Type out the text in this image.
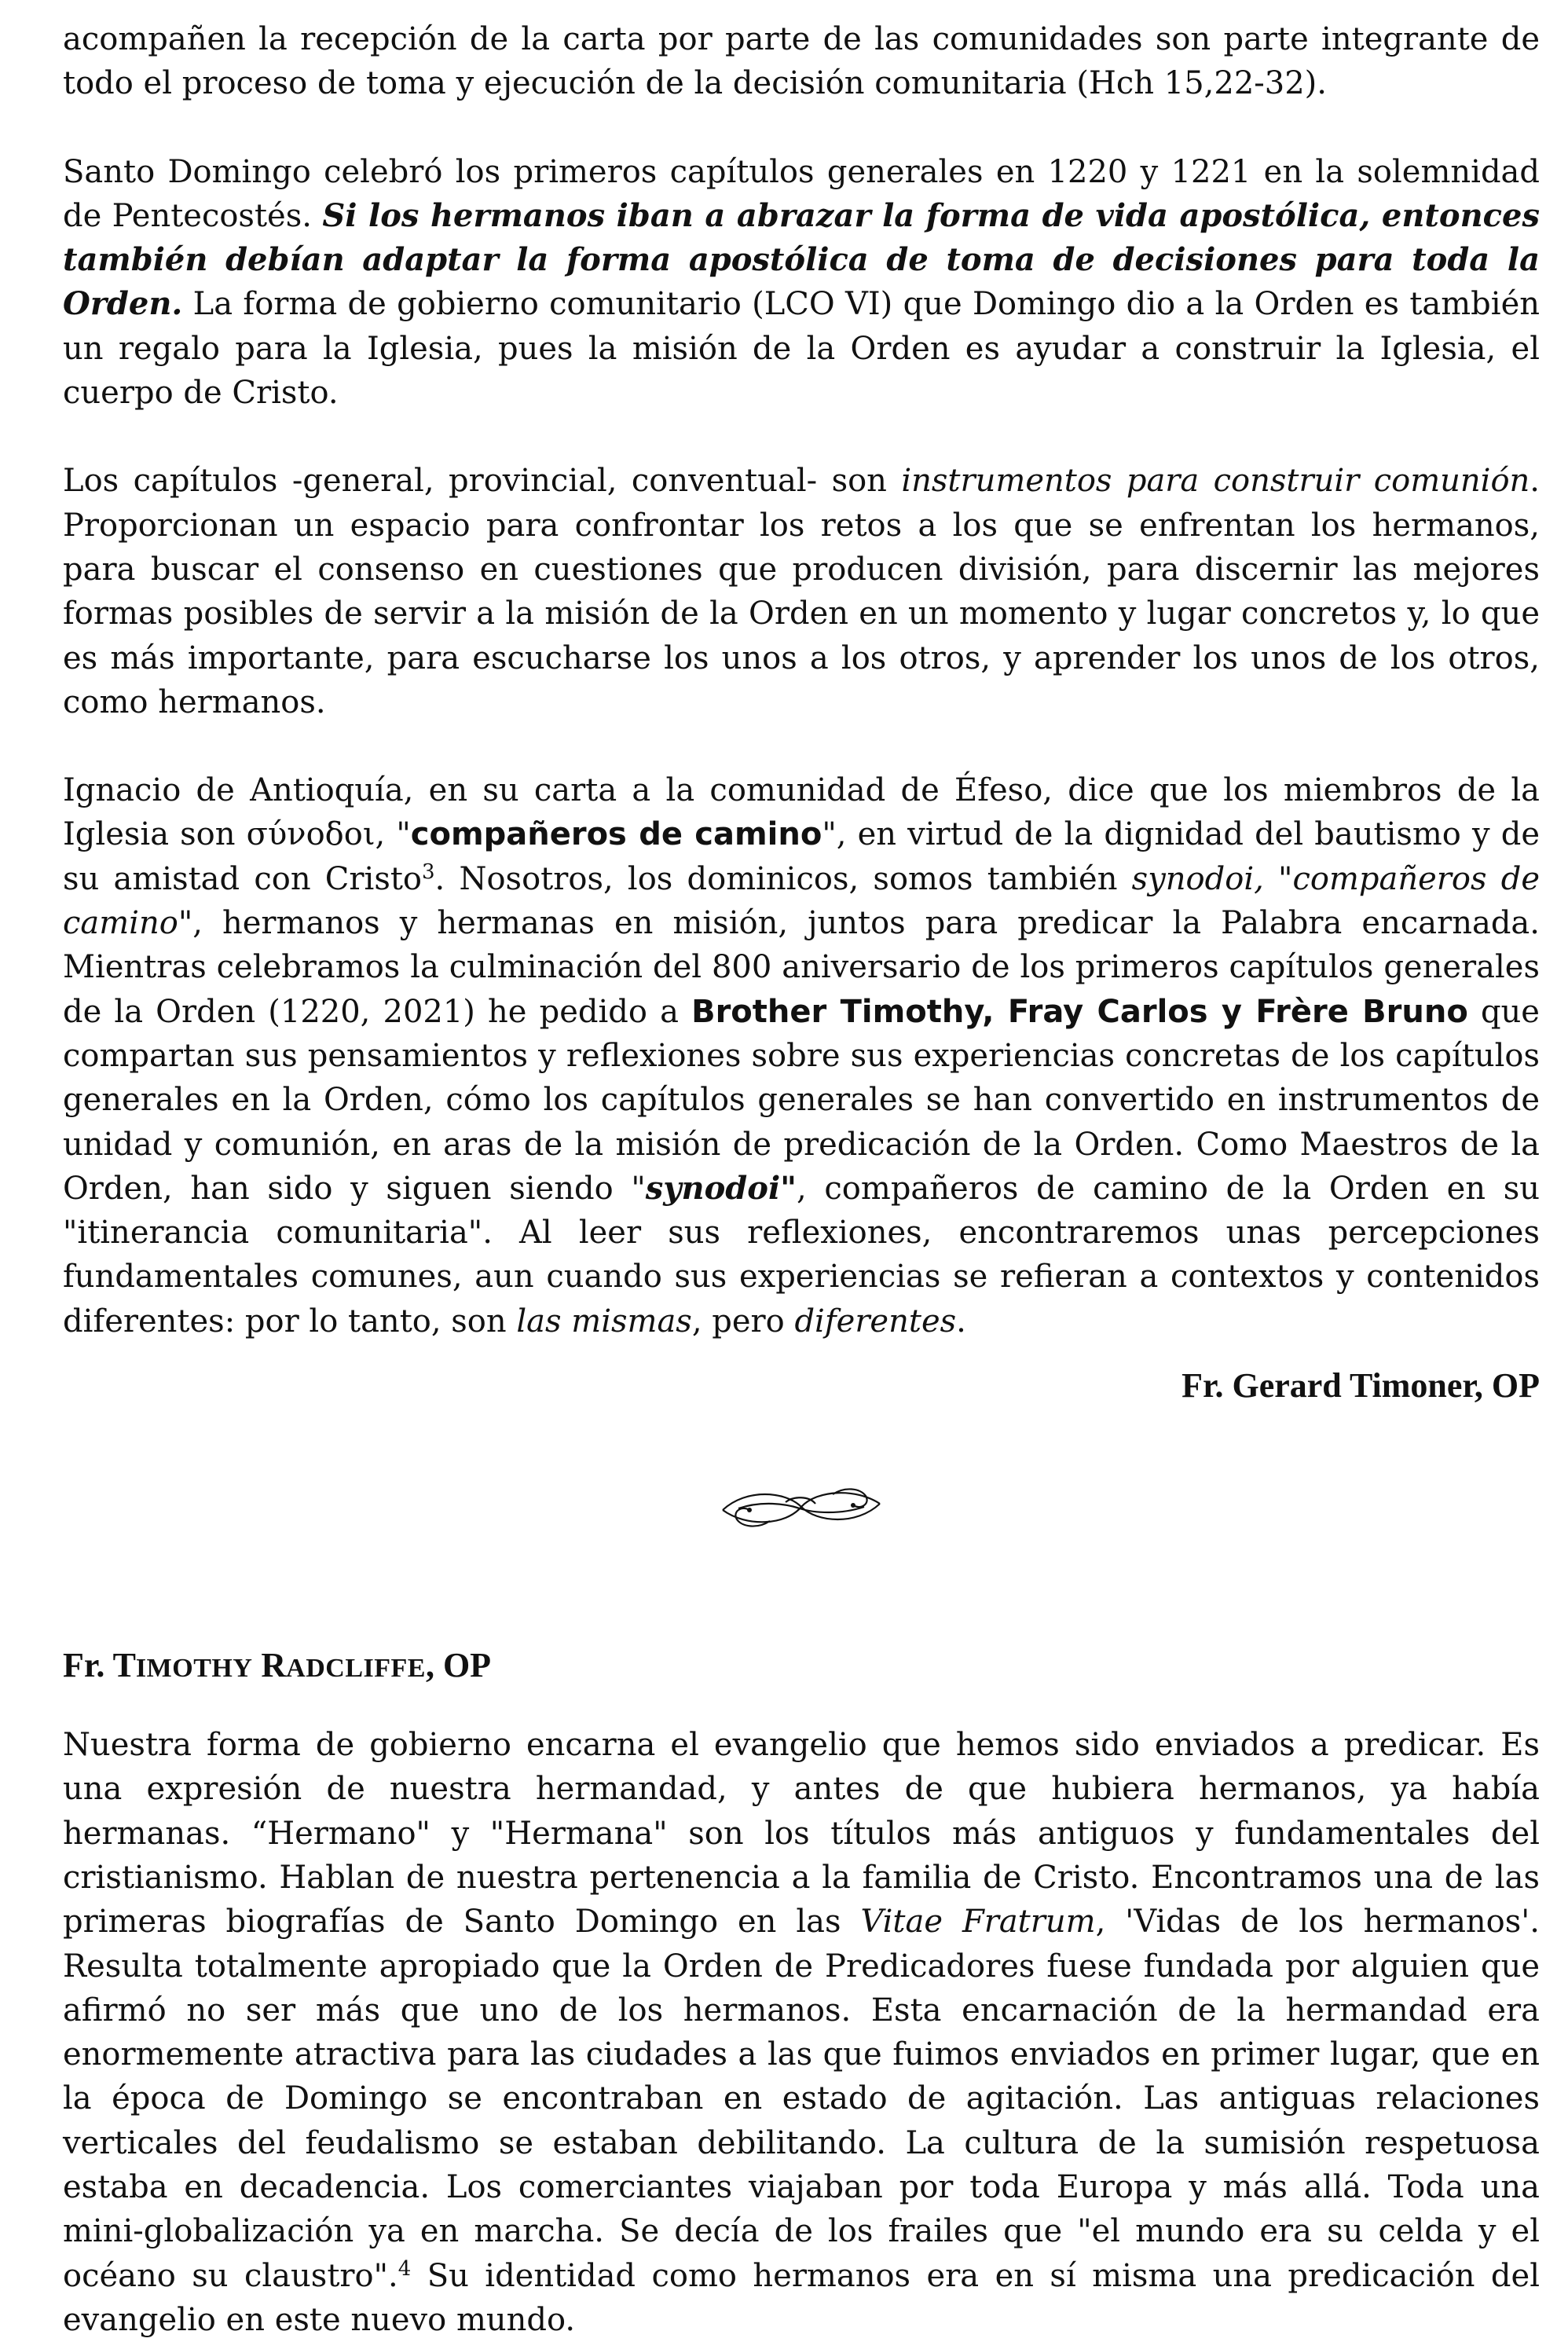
acompañen la recepción de la carta por parte de las comunidades son parte integrante de todo el proceso de toma y ejecución de la decisión comunitaria (Hch 15,22-32).

Santo Domingo celebró los primeros capítulos generales en 1220 y 1221 en la solemnidad de Pentecostés. Si los hermanos iban a abrazar la forma de vida apostólica, entonces también debían adaptar la forma apostólica de toma de decisiones para toda la Orden. La forma de gobierno comunitario (LCO VI) que Domingo dio a la Orden es también un regalo para la Iglesia, pues la misión de la Orden es ayudar a construir la Iglesia, el cuerpo de Cristo.

Los capítulos -general, provincial, conventual- son instrumentos para construir comunión. Proporcionan un espacio para confrontar los retos a los que se enfrentan los hermanos, para buscar el consenso en cuestiones que producen división, para discernir las mejores formas posibles de servir a la misión de la Orden en un momento y lugar concretos y, lo que es más importante, para escucharse los unos a los otros, y aprender los unos de los otros, como hermanos.

Ignacio de Antioquía, en su carta a la comunidad de Éfeso, dice que los miembros de la Iglesia son σύνοδοι, "compañeros de camino", en virtud de la dignidad del bautismo y de su amistad con Cristo$^3$. Nosotros, los dominicos, somos también synodoi, "compañeros de camino", hermanos y hermanas en misión, juntos para predicar la Palabra encarnada. Mientras celebramos la culminación del 800 aniversario de los primeros capítulos generales de la Orden (1220, 2021) he pedido a Brother Timothy, Fray Carlos y Frère Bruno que compartan sus pensamientos y reflexiones sobre sus experiencias concretas de los capítulos generales en la Orden, cómo los capítulos generales se han convertido en instrumentos de unidad y comunión, en aras de la misión de predicación de la Orden. Como Maestros de la Orden, han sido y siguen siendo "synodoi", compañeros de camino de la Orden en su "itinerancia comunitaria". Al leer sus reflexiones, encontraremos unas percepciones fundamentales comunes, aun cuando sus experiencias se refieran a contextos y contenidos diferentes: por lo tanto, son las mismas, pero diferentes.

Fr. Gerard Timoner, OP

Fr. TIMOTHY RADCLIFFE, OP

Nuestra forma de gobierno encarna el evangelio que hemos sido enviados a predicar. Es una expresión de nuestra hermandad, y antes de que hubiera hermanos, ya había hermanas. “Hermano" y "Hermana" son los títulos más antiguos y fundamentales del cristianismo. Hablan de nuestra pertenencia a la familia de Cristo. Encontramos una de las primeras biografías de Santo Domingo en las Vitae Fratrum, 'Vidas de los hermanos'. Resulta totalmente apropiado que la Orden de Predicadores fuese fundada por alguien que afirmó no ser más que uno de los hermanos. Esta encarnación de la hermandad era enormemente atractiva para las ciudades a las que fuimos enviados en primer lugar, que en la época de Domingo se encontraban en estado de agitación. Las antiguas relaciones verticales del feudalismo se estaban debilitando. La cultura de la sumisión respetuosa estaba en decadencia. Los comerciantes viajaban por toda Europa y más allá. Toda una mini-globalización ya en marcha. Se decía de los frailes que "el mundo era su celda y el océano su claustro".$^4$ Su identidad como hermanos era en sí misma una predicación del evangelio en este nuevo mundo.
